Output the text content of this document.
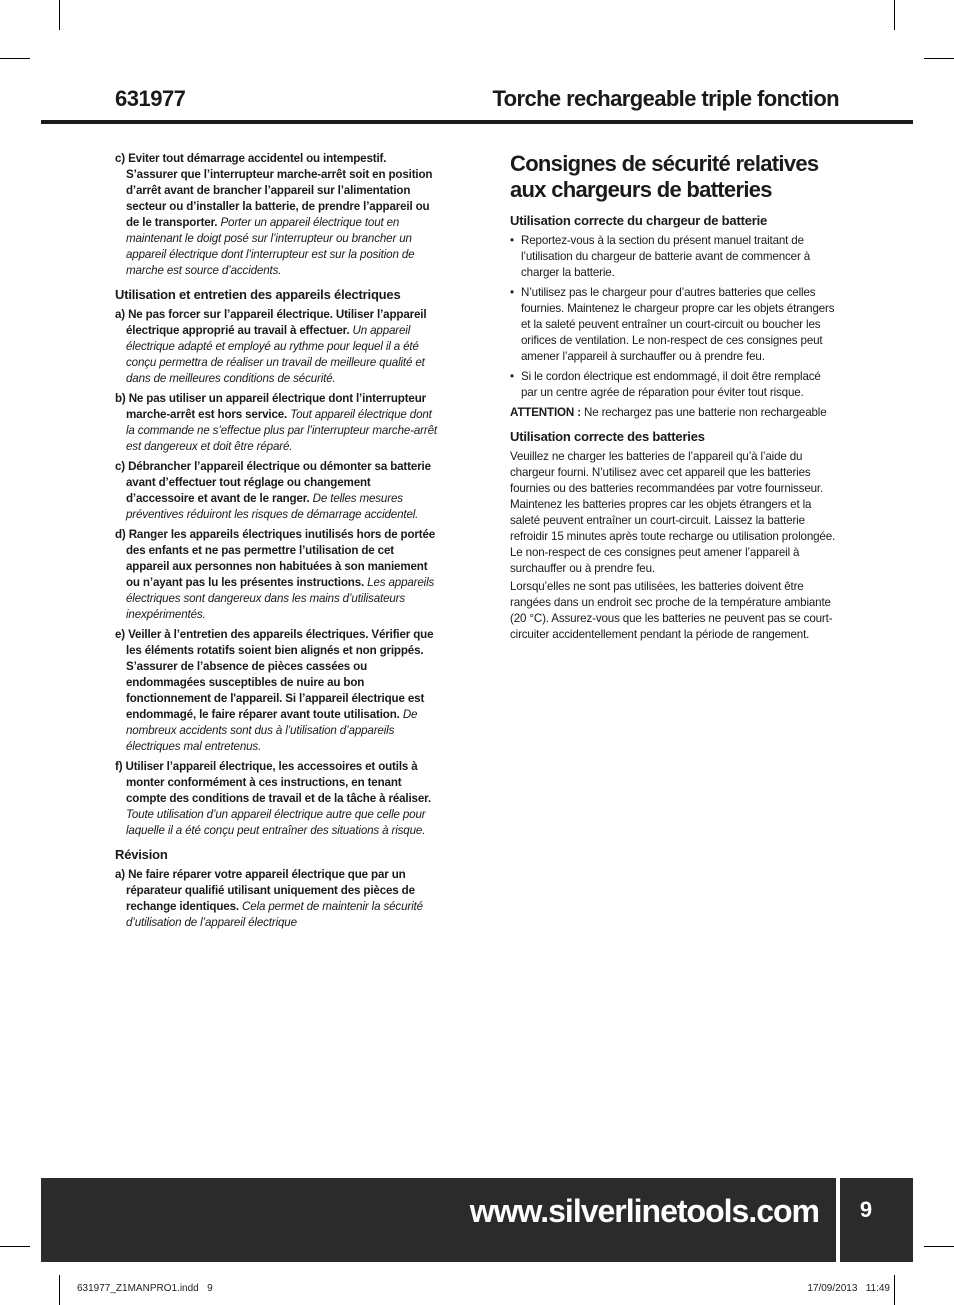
631977	Torche rechargeable triple fonction

c) Eviter tout démarrage accidentel ou intempestif. S’assurer que l’interrupteur marche-arrêt soit en position d’arrêt avant de brancher l’appareil sur l’alimentation secteur ou d’installer la batterie, de prendre l’appareil ou de le transporter. Porter un appareil électrique tout en maintenant le doigt posé sur l’interrupteur ou brancher un appareil électrique dont l’interrupteur est sur la position de marche est source d’accidents.

Utilisation et entretien des appareils électriques

a) Ne pas forcer sur l’appareil électrique. Utiliser l’appareil électrique approprié au travail à effectuer. Un appareil électrique adapté et employé au rythme pour lequel il a été conçu permettra de réaliser un travail de meilleure qualité et dans de meilleures conditions de sécurité.

b) Ne pas utiliser un appareil électrique dont l’interrupteur marche-arrêt est hors service. Tout appareil électrique dont la commande ne s’effectue plus par l’interrupteur marche-arrêt est dangereux et doit être réparé.

c) Débrancher l’appareil électrique ou démonter sa batterie avant d’effectuer tout réglage ou changement d’accessoire et avant de le ranger. De telles mesures préventives réduiront les risques de démarrage accidentel.

d) Ranger les appareils électriques inutilisés hors de portée des enfants et ne pas permettre l’utilisation de cet appareil aux personnes non habituées à son maniement ou n’ayant pas lu les présentes instructions. Les appareils électriques sont dangereux dans les mains d’utilisateurs inexpérimentés.

e) Veiller à l’entretien des appareils électriques. Vérifier que les éléments rotatifs soient bien alignés et non grippés. S’assurer de l’absence de pièces cassées ou endommagées susceptibles de nuire au bon fonctionnement de l'appareil. Si l’appareil électrique est endommagé, le faire réparer avant toute utilisation. De nombreux accidents sont dus à l’utilisation d’appareils électriques mal entretenus.

f) Utiliser l’appareil électrique, les accessoires et outils à monter conformément à ces instructions, en tenant compte des conditions de travail et de la tâche à réaliser. Toute utilisation d’un appareil électrique autre que celle pour laquelle il a été conçu peut entraîner des situations à risque.

Révision

a) Ne faire réparer votre appareil électrique que par un réparateur qualifié utilisant uniquement des pièces de rechange identiques. Cela permet de maintenir la sécurité d’utilisation de l’appareil électrique

Consignes de sécurité relatives aux chargeurs de batteries
Utilisation correcte du chargeur de batterie
• Reportez-vous à la section du présent manuel traitant de l’utilisation du chargeur de batterie avant de commencer à charger la batterie.
• N’utilisez pas le chargeur pour d’autres batteries que celles fournies. Maintenez le chargeur propre car les objets étrangers et la saleté peuvent entraîner un court-circuit ou boucher les orifices de ventilation. Le non-respect de ces consignes peut amener l’appareil à surchauffer ou à prendre feu.
• Si le cordon électrique est endommagé, il doit être remplacé par un centre agrée de réparation pour éviter tout risque.

ATTENTION : Ne rechargez pas une batterie non rechargeable

Utilisation correcte des batteries

Veuillez ne charger les batteries de l’appareil qu’à l’aide du chargeur fourni. N’utilisez avec cet appareil que les batteries fournies ou des batteries recommandées par votre fournisseur. Maintenez les batteries propres car les objets étrangers et la saleté peuvent entraîner un court-circuit. Laissez la batterie refroidir 15 minutes après toute recharge ou utilisation prolongée. Le non-respect de ces consignes peut amener l’appareil à surchauffer ou à prendre feu.

Lorsqu’elles ne sont pas utilisées, les batteries doivent être rangées dans un endroit sec proche de la température ambiante (20 °C). Assurez-vous que les batteries ne peuvent pas se court-circuiter accidentellement pendant la période de rangement.

www.silverlinetools.com	9
631977_Z1MANPRO1.indd   9	17/09/2013   11:49
